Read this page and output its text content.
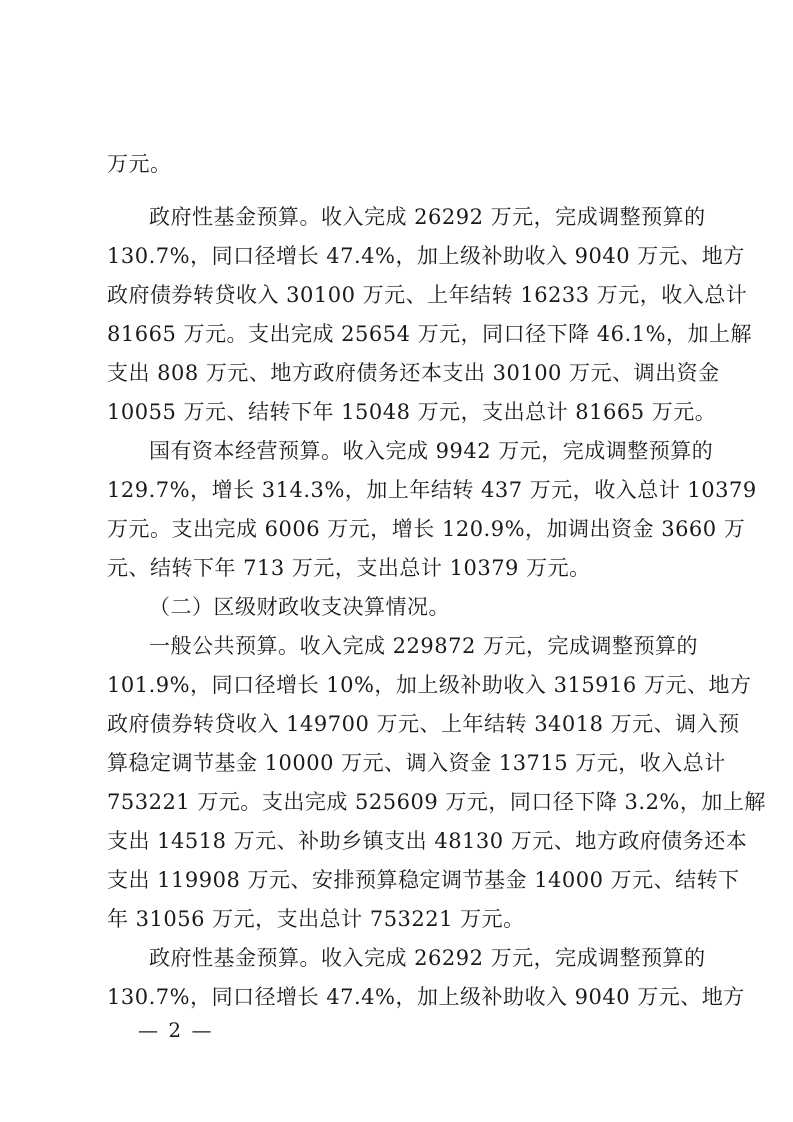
万元。
政府性基金预算。收入完成 26292 万元，完成调整预算的
130.7%，同口径增长 47.4%，加上级补助收入 9040 万元、地方
政府债券转贷收入 30100 万元、上年结转 16233 万元，收入总计
81665 万元。支出完成 25654 万元，同口径下降 46.1%，加上解
支出 808 万元、地方政府债务还本支出 30100 万元、调出资金
10055 万元、结转下年 15048 万元，支出总计 81665 万元。
国有资本经营预算。收入完成 9942 万元，完成调整预算的
129.7%，增长 314.3%，加上年结转 437 万元，收入总计 10379
万元。支出完成 6006 万元，增长 120.9%，加调出资金 3660 万
元、结转下年 713 万元，支出总计 10379 万元。
（二）区级财政收支决算情况。
一般公共预算。收入完成 229872 万元，完成调整预算的
101.9%，同口径增长 10%，加上级补助收入 315916 万元、地方
政府债券转贷收入 149700 万元、上年结转 34018 万元、调入预
算稳定调节基金 10000 万元、调入资金 13715 万元，收入总计
753221 万元。支出完成 525609 万元，同口径下降 3.2%，加上解
支出 14518 万元、补助乡镇支出 48130 万元、地方政府债务还本
支出 119908 万元、安排预算稳定调节基金 14000 万元、结转下
年 31056 万元，支出总计 753221 万元。
政府性基金预算。收入完成 26292 万元，完成调整预算的
130.7%，同口径增长 47.4%，加上级补助收入 9040 万元、地方
— 2 —
